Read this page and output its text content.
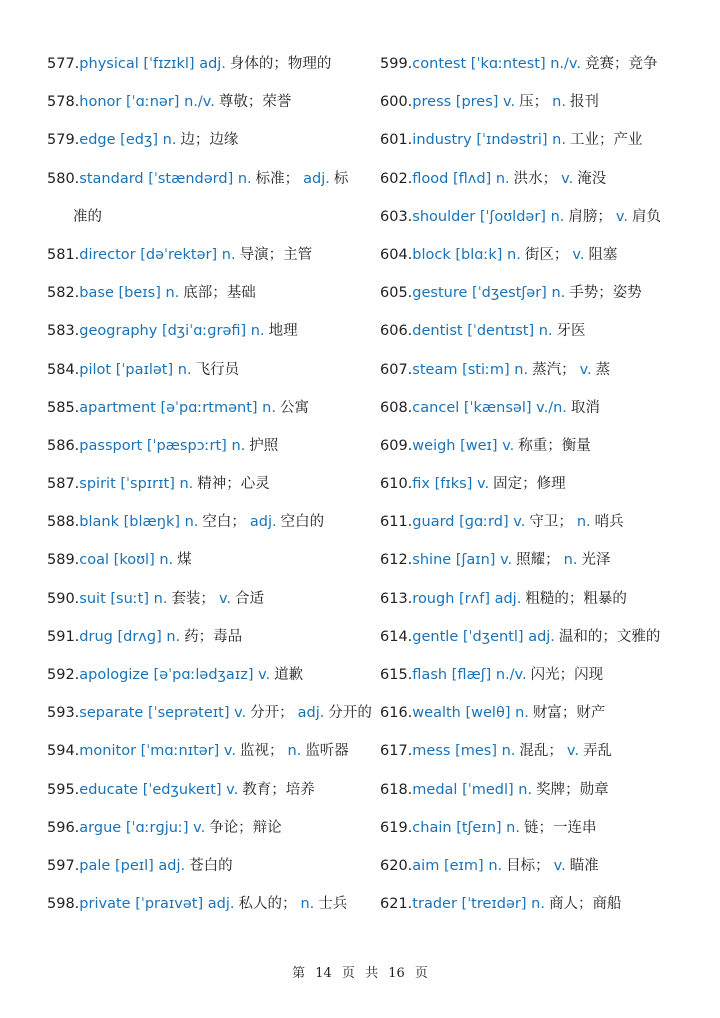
577.physical [ˈfɪzɪkl] adj. 身体的；物理的
578.honor [ˈɑːnər] n./v. 尊敬；荣誉
579.edge [edʒ] n. 边；边缘
580.standard [ˈstændərd] n. 标准； adj. 标
准的
581.director [dəˈrektər] n. 导演；主管
582.base [beɪs] n. 底部；基础
583.geography [dʒiˈɑːɡrəfi] n. 地理
584.pilot [ˈpaɪlət] n. 飞行员
585.apartment [əˈpɑːrtmənt] n. 公寓
586.passport [ˈpæspɔːrt] n. 护照
587.spirit [ˈspɪrɪt] n. 精神；心灵
588.blank [blæŋk] n. 空白； adj. 空白的
589.coal [koʊl] n. 煤
590.suit [suːt] n. 套装； v. 合适
591.drug [drʌɡ] n. 药；毒品
592.apologize [əˈpɑːlədʒaɪz] v. 道歉
593.separate [ˈseprəteɪt] v. 分开； adj. 分开的
594.monitor [ˈmɑːnɪtər] v. 监视； n. 监听器
595.educate [ˈedʒukeɪt] v. 教育；培养
596.argue [ˈɑːrɡjuː] v. 争论；辩论
597.pale [peɪl] adj. 苍白的
598.private [ˈpraɪvət] adj. 私人的； n. 士兵
599.contest [ˈkɑːntest] n./v. 竞赛；竞争
600.press [pres] v. 压； n. 报刊
601.industry [ˈɪndəstri] n. 工业；产业
602.flood [flʌd] n. 洪水； v. 淹没
603.shoulder [ˈʃoʊldər] n. 肩膀； v. 肩负
604.block [blɑːk] n. 街区； v. 阻塞
605.gesture [ˈdʒestʃər] n. 手势；姿势
606.dentist [ˈdentɪst] n. 牙医
607.steam [stiːm] n. 蒸汽； v. 蒸
608.cancel [ˈkænsəl] v./n. 取消
609.weigh [weɪ] v. 称重；衡量
610.fix [fɪks] v. 固定；修理
611.guard [ɡɑːrd] v. 守卫； n. 哨兵
612.shine [ʃaɪn] v. 照耀； n. 光泽
613.rough [rʌf] adj. 粗糙的；粗暴的
614.gentle [ˈdʒentl] adj. 温和的；文雅的
615.flash [flæʃ] n./v. 闪光；闪现
616.wealth [welθ] n. 财富；财产
617.mess [mes] n. 混乱； v. 弄乱
618.medal [ˈmedl] n. 奖牌；勋章
619.chain [tʃeɪn] n. 链；一连串
620.aim [eɪm] n. 目标； v. 瞄准
621.trader [ˈtreɪdər] n. 商人；商船
第 14 页 共 16 页
